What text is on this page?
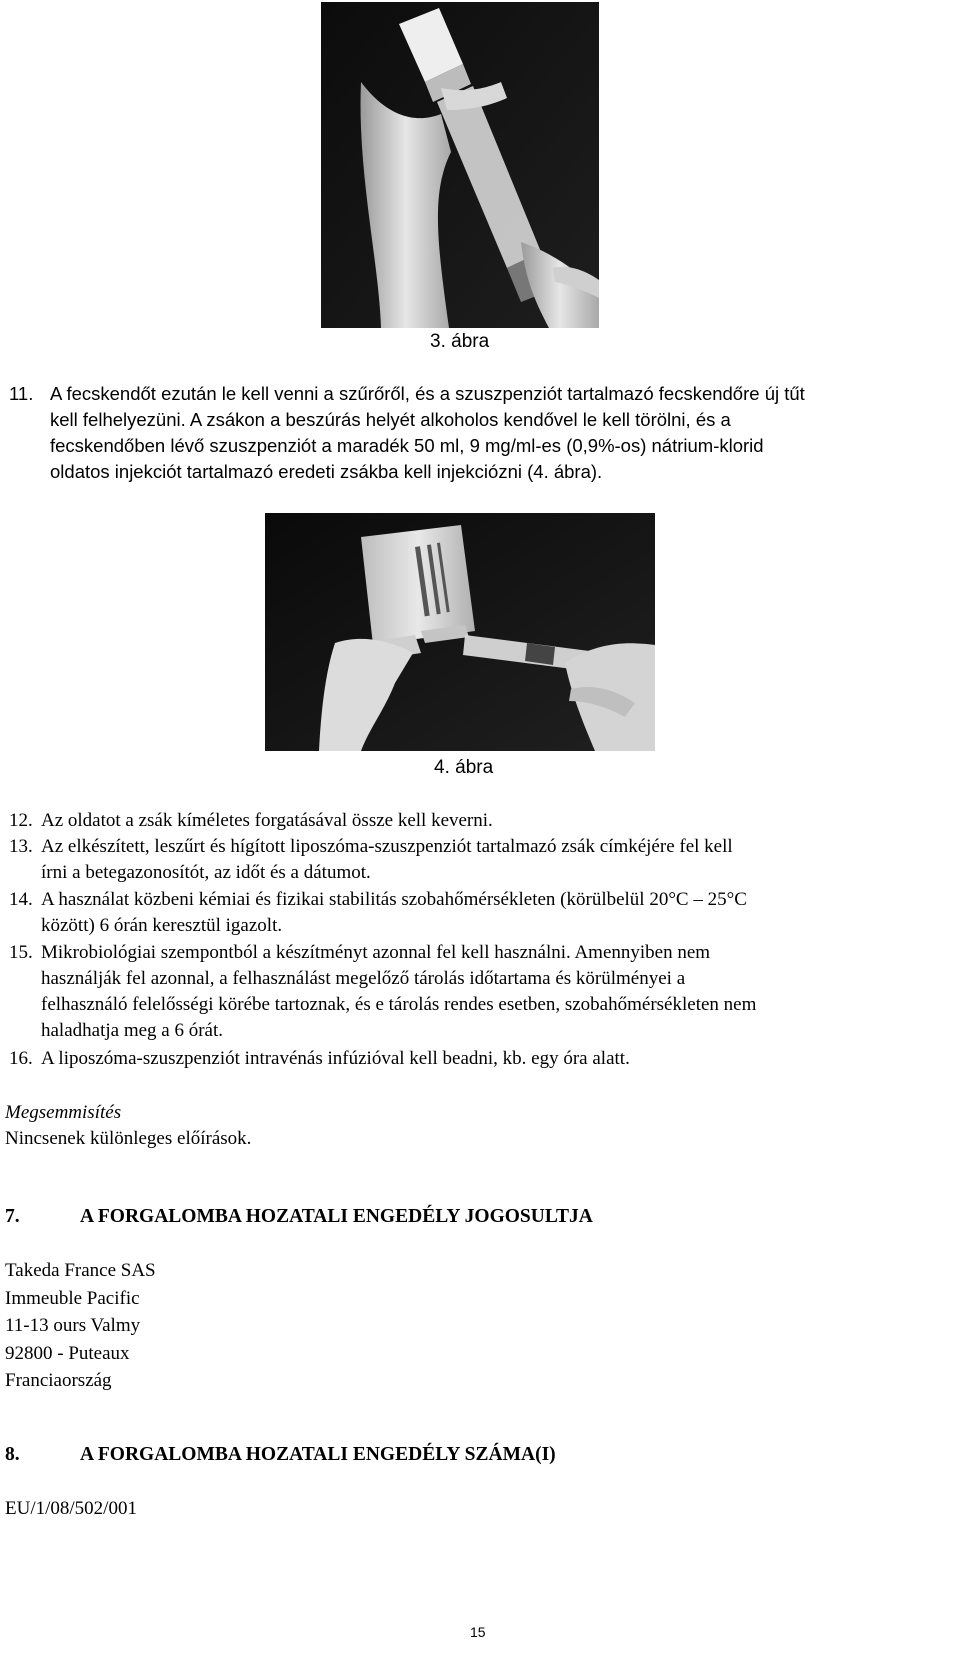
3. ábra
11. A fecskendőt ezután le kell venni a szűrőről, és a szuszpenziót tartalmazó fecskendőre új tűt
kell felhelyezüni. A zsákon a beszúrás helyét alkoholos kendővel le kell törölni, és a
fecskendőben lévő szuszpenziót a maradék 50 ml, 9 mg/ml-es (0,9%-os) nátrium-klorid
oldatos injekciót tartalmazó eredeti zsákba kell injekciózni (4. ábra).
4. ábra
12. Az oldatot a zsák kíméletes forgatásával össze kell keverni.
13. Az elkészített, leszűrt és hígított liposzóma-szuszpenziót tartalmazó zsák címkéjére fel kell
írni a betegazonosítót, az időt és a dátumot.
14. A használat közbeni kémiai és fizikai stabilitás szobahőmérsékleten (körülbelül 20°C – 25°C
között) 6 órán keresztül igazolt.
15. Mikrobiológiai szempontból a készítményt azonnal fel kell használni. Amennyiben nem
használják fel azonnal, a felhasználást megelőző tárolás időtartama és körülményei a
felhasználó felelősségi körébe tartoznak, és e tárolás rendes esetben, szobahőmérsékleten nem
haladhatja meg a 6 órát.
16. A liposzóma-szuszpenziót intravénás infúzióval kell beadni, kb. egy óra alatt.
Megsemmisítés
Nincsenek különleges előírások.
7.	A FORGALOMBA HOZATALI ENGEDÉLY JOGOSULTJA
Takeda France SAS
Immeuble Pacific
11-13 ours Valmy
92800 - Puteaux
Franciaország
8.	A FORGALOMBA HOZATALI ENGEDÉLY SZÁMA(I)
EU/1/08/502/001
15
